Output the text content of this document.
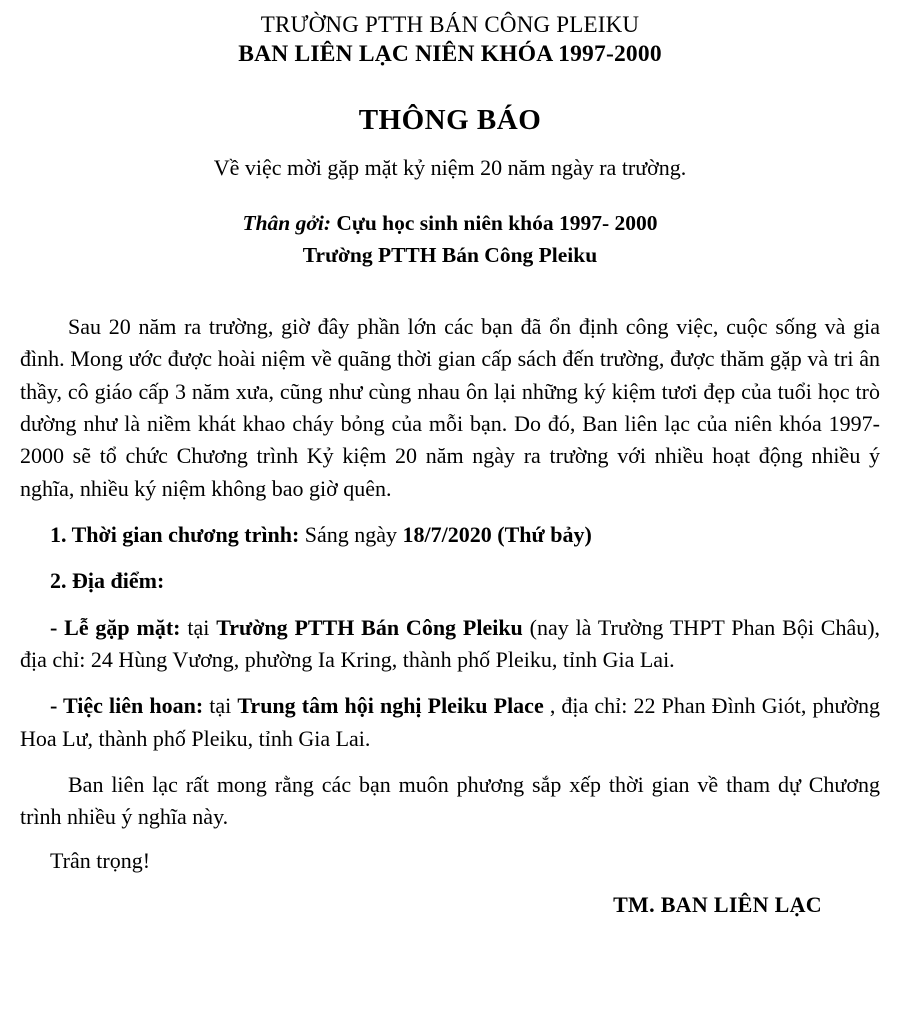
TRƯỜNG PTTH BÁN CÔNG PLEIKU
BAN LIÊN LẠC NIÊN KHÓA 1997-2000
THÔNG BÁO
Về việc mời gặp mặt kỷ niệm 20 năm ngày ra trường.
Thân gởi: Cựu học sinh niên khóa 1997- 2000
Trường PTTH Bán Công Pleiku

Sau 20 năm ra trường, giờ đây phần lớn các bạn đã ổn định công việc, cuộc sống và gia đình. Mong ước được hoài niệm về quãng thời gian cấp sách đến trường, được thăm gặp và tri ân thầy, cô giáo cấp 3 năm xưa, cũng như cùng nhau ôn lại những ký kiệm tươi đẹp của tuổi học trò dường như là niềm khát khao cháy bỏng của mỗi bạn. Do đó, Ban liên lạc của niên khóa 1997-2000 sẽ tổ chức Chương trình Kỷ kiệm 20 năm ngày ra trường với nhiều hoạt động nhiều ý nghĩa, nhiều ký niệm không bao giờ quên.

1. Thời gian chương trình: Sáng ngày 18/7/2020 (Thứ bảy)

2. Địa điểm:

- Lễ gặp mặt: tại Trường PTTH Bán Công Pleiku (nay là Trường THPT Phan Bội Châu), địa chỉ: 24 Hùng Vương, phường Ia Kring, thành phố Pleiku, tỉnh Gia Lai.

- Tiệc liên hoan: tại Trung tâm hội nghị Pleiku Place , địa chỉ: 22 Phan Đình Giót, phường Hoa Lư, thành phố Pleiku, tỉnh Gia Lai.

Ban liên lạc rất mong rằng các bạn muôn phương sắp xếp thời gian về tham dự Chương trình nhiều ý nghĩa này.

Trân trọng!

TM. BAN LIÊN LẠC
